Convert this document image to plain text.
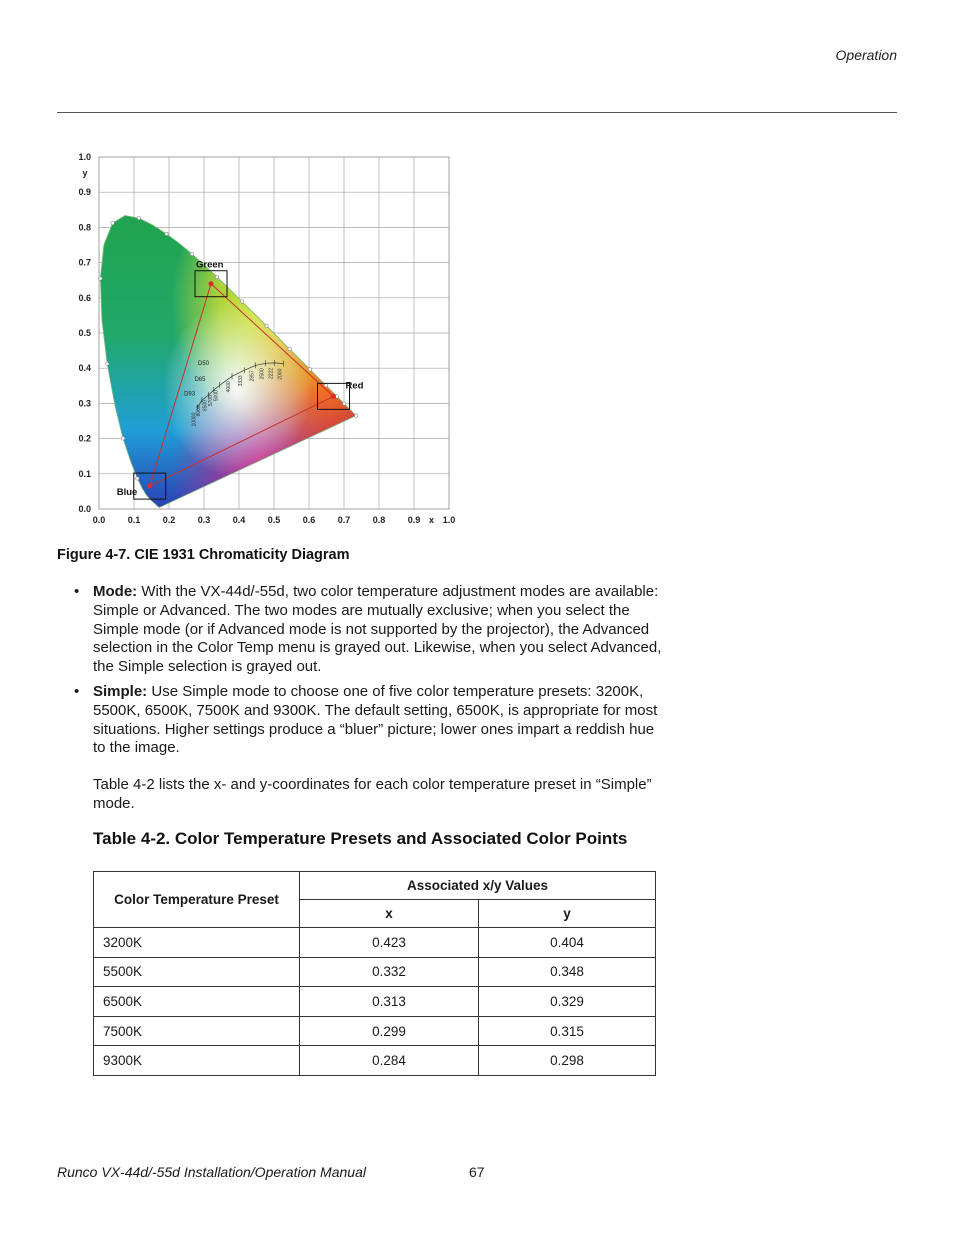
Operation
0.0 0.1 0.2 0.3 0.4 0.5 0.6 0.7 0.8 0.9 1.0
0.0
0.1
0.2
0.3
0.4
0.5
0.6
0.7
0.8
0.9
1.0
x
y
Green
Red
Blue
10000
8000 6500 5700 5000
4000
3333 2857 2500 2222 2000
D50
D65
D93
Figure 4-7. CIE 1931 Chromaticity Diagram
• Mode: With the VX-44d/-55d, two color temperature adjustment modes are available: Simple or Advanced. The two modes are mutually exclusive; when you select the Simple mode (or if Advanced mode is not supported by the projector), the Advanced selection in the Color Temp menu is grayed out. Likewise, when you select Advanced, the Simple selection is grayed out.
• Simple: Use Simple mode to choose one of five color temperature presets: 3200K, 5500K, 6500K, 7500K and 9300K. The default setting, 6500K, is appropriate for most situations. Higher settings produce a “bluer” picture; lower ones impart a reddish hue to the image.
Table 4-2 lists the x- and y-coordinates for each color temperature preset in “Simple” mode.
Table 4-2. Color Temperature Presets and Associated Color Points
Color Temperature Preset	Associated x/y Values	
	x	y
3200K	0.423	0.404
5500K	0.332	0.348
6500K	0.313	0.329
7500K	0.299	0.315
9300K	0.284	0.298
Runco VX-44d/-55d Installation/Operation Manual	67
